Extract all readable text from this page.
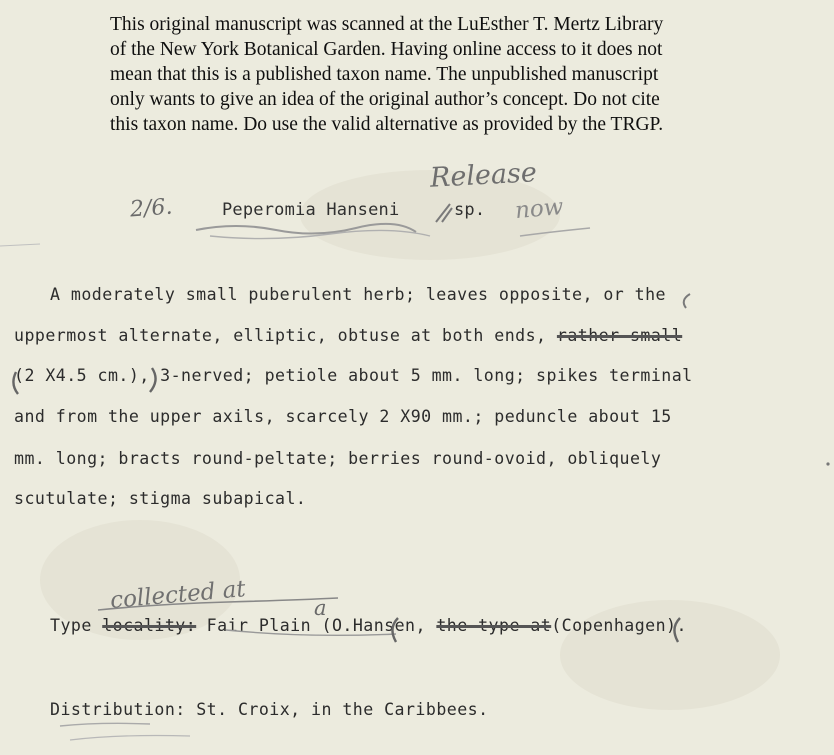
This original manuscript was scanned at the LuEsther T. Mertz Library
of the New York Botanical Garden. Having online access to it does not
mean that this is a published taxon name. The unpublished manuscript
only wants to give an idea of the original author’s concept. Do not cite
this taxon name. Do use the valid alternative as provided by the TRGP.
2/6.	Peperomia Hanseni	sp.
Release
now
A moderately small puberulent herb; leaves opposite, or the
uppermost alternate, elliptic, obtuse at both ends, rather small
(2 X4.5 cm.), 3-nerved; petiole about 5 mm. long; spikes terminal
and from the upper axils, scarcely 2 X90 mm.; peduncle about 15
mm. long; bracts round-peltate; berries round-ovoid, obliquely
scutulate; stigma subapical.
collected at	a
Type locality: Fair Plain (O.Hansen, the type at(Copenhagen).
Distribution: St. Croix, in the Caribbees.
